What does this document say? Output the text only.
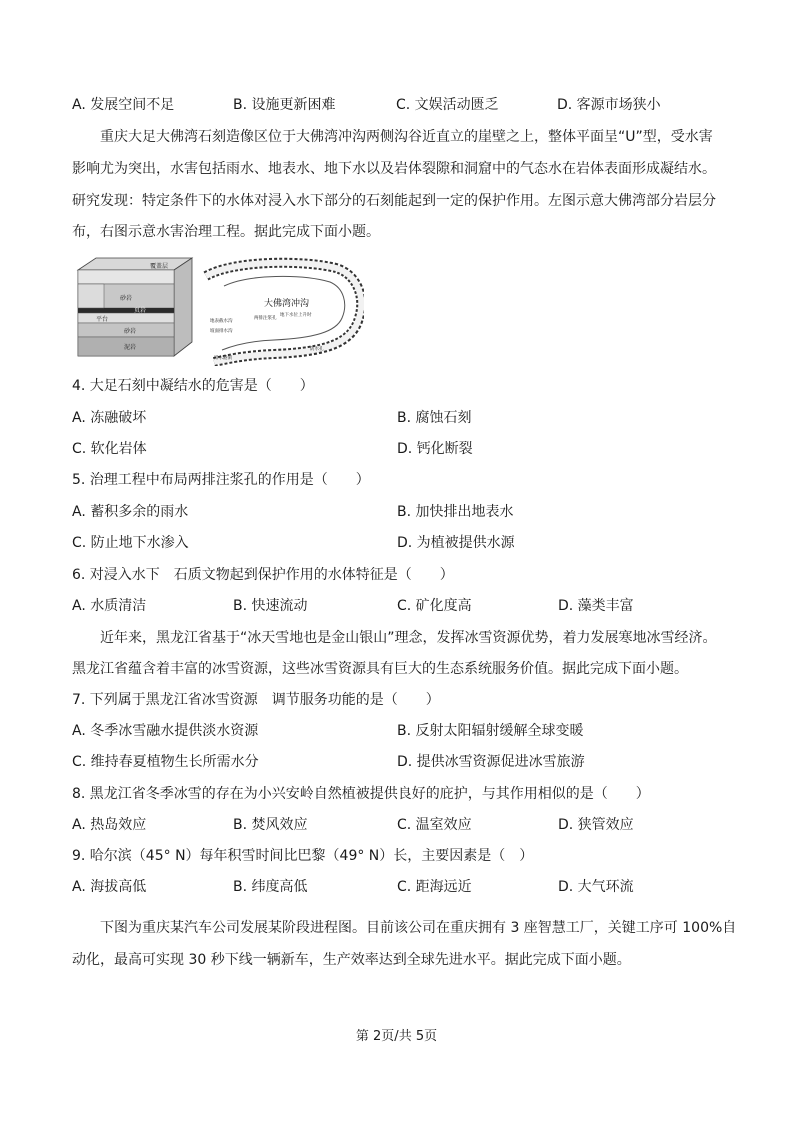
A. 发展空间不足	B. 设施更新困难	C. 文娱活动匮乏	D. 客源市场狭小
重庆大足大佛湾石刻造像区位于大佛湾冲沟两侧沟谷近直立的崖壁之上，整体平面呈“U”型，受水害
影响尤为突出，水害包括雨水、地表水、地下水以及岩体裂隙和洞窟中的气态水在岩体表面形成凝结水。
研究发现：特定条件下的水体对浸入水下部分的石刻能起到一定的保护作用。左图示意大佛湾部分岩层分
布，右图示意水害治理工程。据此完成下面小题。
覆盖层
砂岩
页岩
平台
砂岩
泥岩
大佛湾冲沟
地表截水沟
两排注浆孔
地下水位上升时
坡面排水沟
排水隧洞
防水孔
4. 大足石刻中凝结水的危害是（　　）
A. 冻融破坏	B. 腐蚀石刻
C. 软化岩体	D. 钙化断裂
5. 治理工程中布局两排注浆孔的作用是（　　）
A. 蓄积多余的雨水	B. 加快排出地表水
C. 防止地下水渗入	D. 为植被提供水源
6. 对浸入水下　石质文物起到保护作用的水体特征是（　　）
A. 水质清洁	B. 快速流动	C. 矿化度高	D. 藻类丰富
近年来，黑龙江省基于“冰天雪地也是金山银山”理念，发挥冰雪资源优势，着力发展寒地冰雪经济。
黑龙江省蕴含着丰富的冰雪资源，这些冰雪资源具有巨大的生态系统服务价值。据此完成下面小题。
7. 下列属于黑龙江省冰雪资源　调节服务功能的是（　　）
A. 冬季冰雪融水提供淡水资源	B. 反射太阳辐射缓解全球变暖
C. 维持春夏植物生长所需水分	D. 提供冰雪资源促进冰雪旅游
8. 黑龙江省冬季冰雪的存在为小兴安岭自然植被提供良好的庇护，与其作用相似的是（　　）
A. 热岛效应	B. 焚风效应	C. 温室效应	D. 狭管效应
9. 哈尔滨（45° N）每年积雪时间比巴黎（49° N）长，主要因素是（　）
A. 海拔高低	B. 纬度高低	C. 距海远近	D. 大气环流
下图为重庆某汽车公司发展某阶段进程图。目前该公司在重庆拥有 3 座智慧工厂，关键工序可 100%自
动化，最高可实现 30 秒下线一辆新车，生产效率达到全球先进水平。据此完成下面小题。
第 2页/共 5页
